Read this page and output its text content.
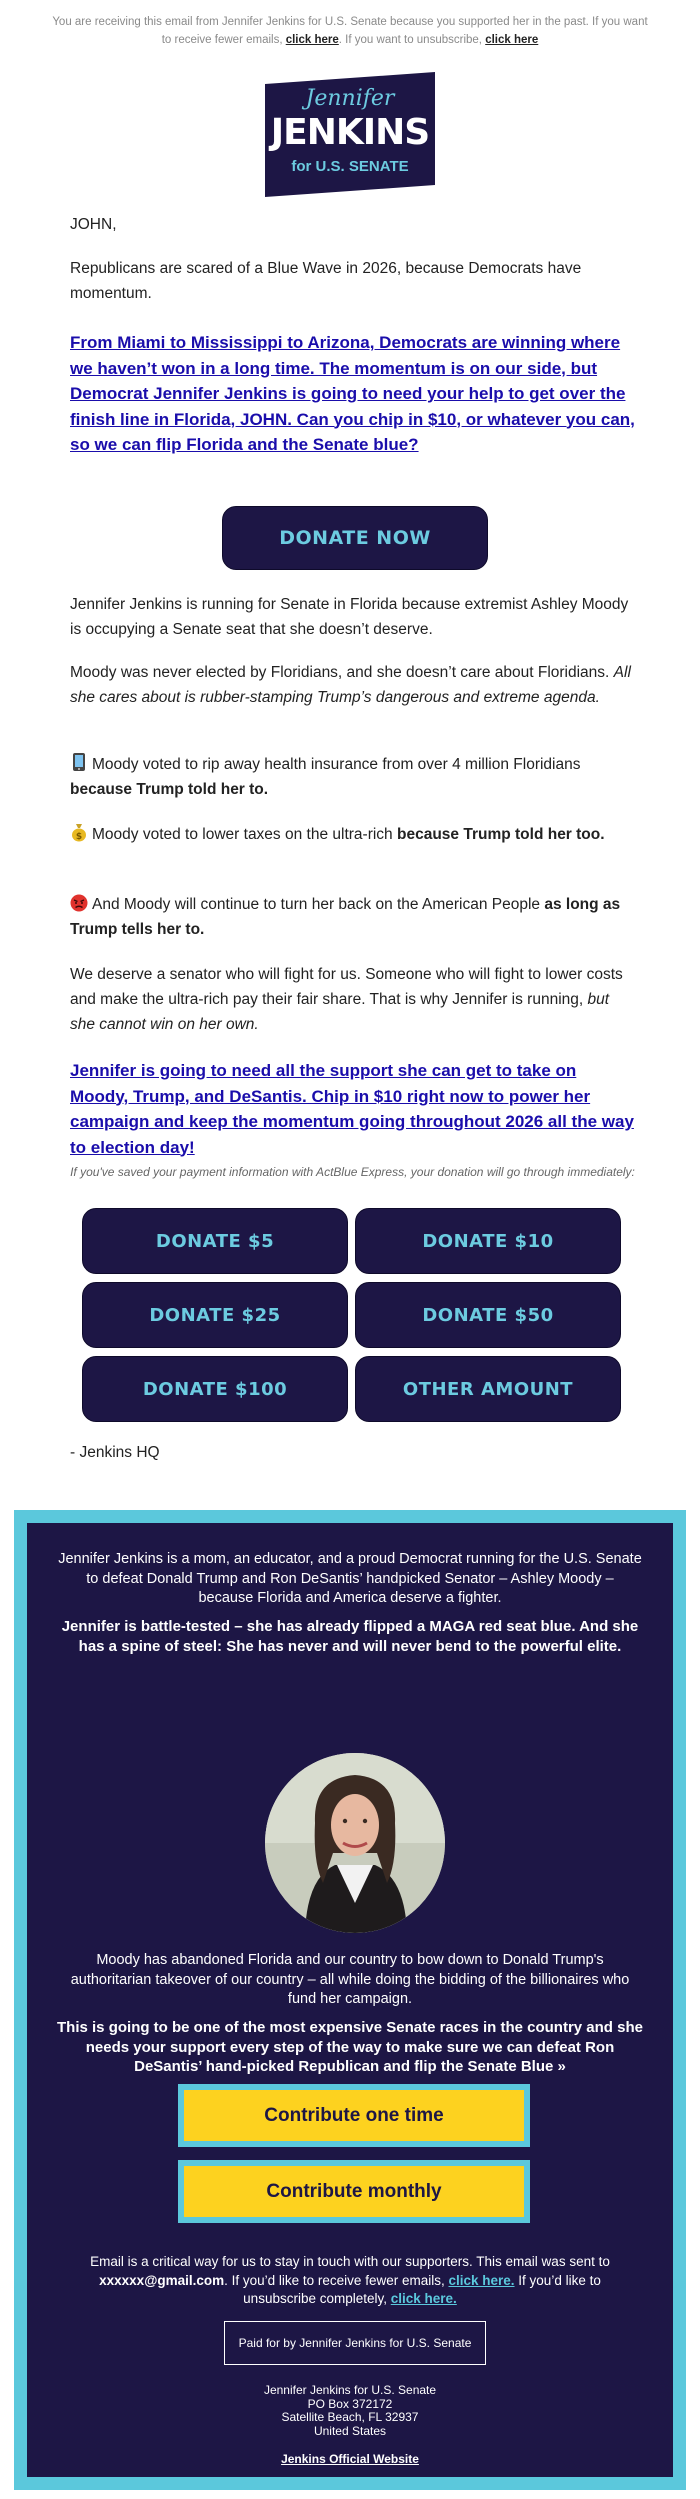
You are receiving this email from Jennifer Jenkins for U.S. Senate because you supported her in the past. If you want to receive fewer emails, click here. If you want to unsubscribe, click here
Jennifer
JENKINS
for U.S. SENATE
JOHN,
Republicans are scared of a Blue Wave in 2026, because Democrats have momentum.
From Miami to Mississippi to Arizona, Democrats are winning where we haven’t won in a long time. The momentum is on our side, but Democrat Jennifer Jenkins is going to need your help to get over the finish line in Florida, JOHN. Can you chip in $10, or whatever you can, so we can flip Florida and the Senate blue?
DONATE NOW
Jennifer Jenkins is running for Senate in Florida because extremist Ashley Moody is occupying a Senate seat that she doesn’t deserve.
Moody was never elected by Floridians, and she doesn’t care about Floridians. All she cares about is rubber-stamping Trump’s dangerous and extreme agenda.
Moody voted to rip away health insurance from over 4 million Floridians because Trump told her to.
$ Moody voted to lower taxes on the ultra-rich because Trump told her too.
And Moody will continue to turn her back on the American People as long as Trump tells her to.
We deserve a senator who will fight for us. Someone who will fight to lower costs and make the ultra-rich pay their fair share. That is why Jennifer is running, but she cannot win on her own.
Jennifer is going to need all the support she can get to take on Moody, Trump, and DeSantis. Chip in $10 right now to power her campaign and keep the momentum going throughout 2026 all the way to election day!
If you've saved your payment information with ActBlue Express, your donation will go through immediately:
DONATE $5	DONATE $10
DONATE $25	DONATE $50
DONATE $100	OTHER AMOUNT
- Jenkins HQ
Jennifer Jenkins is a mom, an educator, and a proud Democrat running for the U.S. Senate to defeat Donald Trump and Ron DeSantis’ handpicked Senator – Ashley Moody – because Florida and America deserve a fighter.
Jennifer is battle-tested – she has already flipped a MAGA red seat blue. And she has a spine of steel: She has never and will never bend to the powerful elite.
Moody has abandoned Florida and our country to bow down to Donald Trump's authoritarian takeover of our country – all while doing the bidding of the billionaires who fund her campaign.
This is going to be one of the most expensive Senate races in the country and she needs your support every step of the way to make sure we can defeat Ron DeSantis’ hand-picked Republican and flip the Senate Blue »
Contribute one time
Contribute monthly
Email is a critical way for us to stay in touch with our supporters. This email was sent to xxxxxx@gmail.com. If you’d like to receive fewer emails, click here. If you’d like to unsubscribe completely, click here.
Paid for by Jennifer Jenkins for U.S. Senate
Jennifer Jenkins for U.S. Senate
PO Box 372172
Satellite Beach, FL 32937
United States
Jenkins Official Website
